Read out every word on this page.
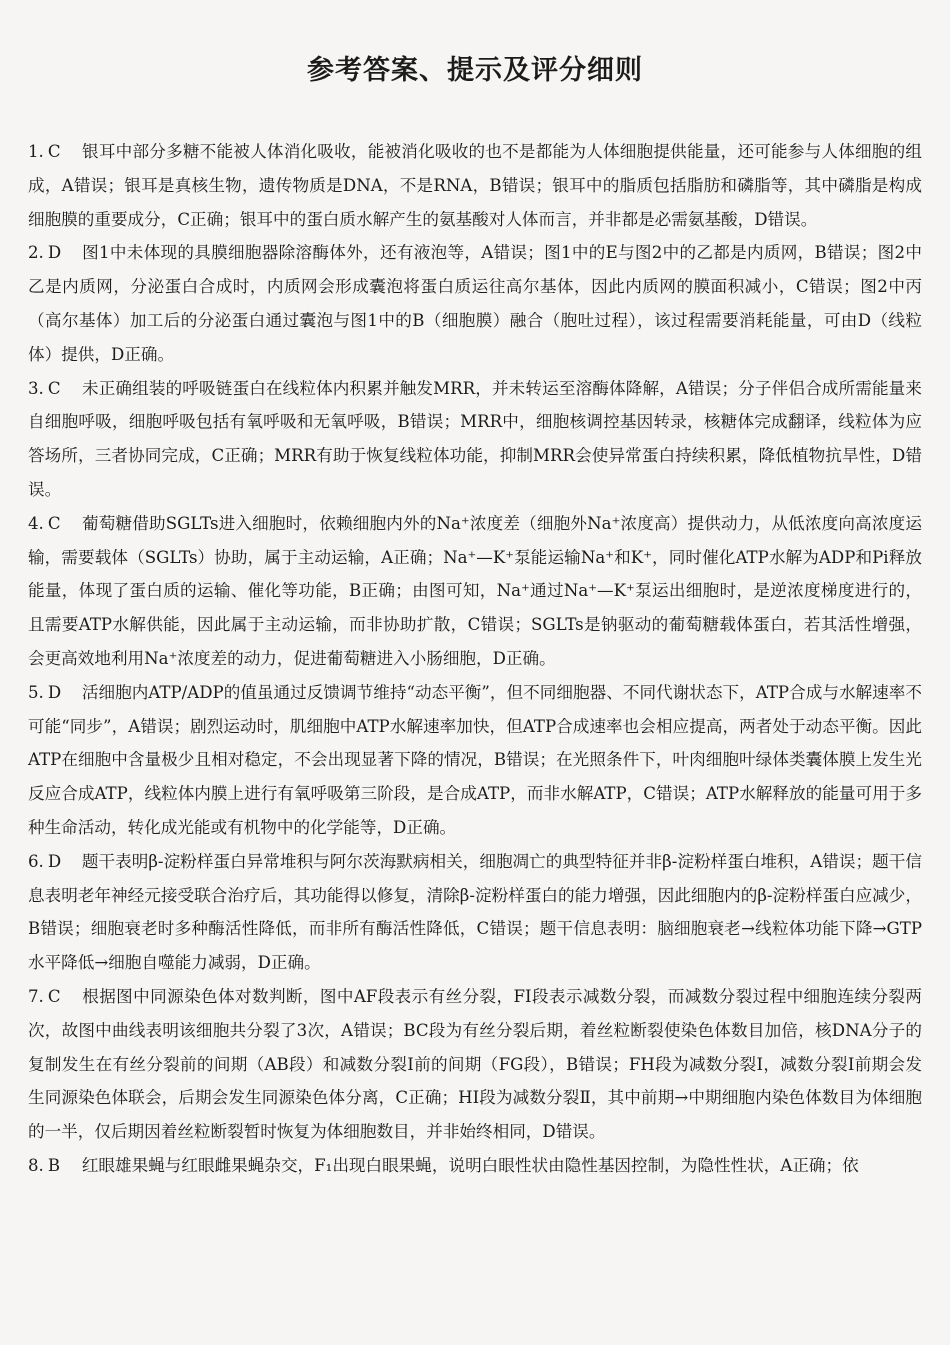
参考答案、提示及评分细则

1. C 银耳中部分多糖不能被人体消化吸收，能被消化吸收的也不是都能为人体细胞提供能量，还可能参与人体细胞的组成，A错误；银耳是真核生物，遗传物质是DNA，不是RNA，B错误；银耳中的脂质包括脂肪和磷脂等，其中磷脂是构成细胞膜的重要成分，C正确；银耳中的蛋白质水解产生的氨基酸对人体而言，并非都是必需氨基酸，D错误。

2. D 图1中未体现的具膜细胞器除溶酶体外，还有液泡等，A错误；图1中的E与图2中的乙都是内质网，B错误；图2中乙是内质网，分泌蛋白合成时，内质网会形成囊泡将蛋白质运往高尔基体，因此内质网的膜面积减小，C错误；图2中丙（高尔基体）加工后的分泌蛋白通过囊泡与图1中的B（细胞膜）融合（胞吐过程），该过程需要消耗能量，可由D（线粒体）提供，D正确。

3. C 未正确组装的呼吸链蛋白在线粒体内积累并触发MRR，并未转运至溶酶体降解，A错误；分子伴侣合成所需能量来自细胞呼吸，细胞呼吸包括有氧呼吸和无氧呼吸，B错误；MRR中，细胞核调控基因转录，核糖体完成翻译，线粒体为应答场所，三者协同完成，C正确；MRR有助于恢复线粒体功能，抑制MRR会使异常蛋白持续积累，降低植物抗旱性，D错误。

4. C 葡萄糖借助SGLTs进入细胞时，依赖细胞内外的Na⁺浓度差（细胞外Na⁺浓度高）提供动力，从低浓度向高浓度运输，需要载体（SGLTs）协助，属于主动运输，A正确；Na⁺—K⁺泵能运输Na⁺和K⁺，同时催化ATP水解为ADP和Pi释放能量，体现了蛋白质的运输、催化等功能，B正确；由图可知，Na⁺通过Na⁺—K⁺泵运出细胞时，是逆浓度梯度进行的，且需要ATP水解供能，因此属于主动运输，而非协助扩散，C错误；SGLTs是钠驱动的葡萄糖载体蛋白，若其活性增强，会更高效地利用Na⁺浓度差的动力，促进葡萄糖进入小肠细胞，D正确。

5. D 活细胞内ATP/ADP的值虽通过反馈调节维持“动态平衡”，但不同细胞器、不同代谢状态下，ATP合成与水解速率不可能“同步”，A错误；剧烈运动时，肌细胞中ATP水解速率加快，但ATP合成速率也会相应提高，两者处于动态平衡。因此ATP在细胞中含量极少且相对稳定，不会出现显著下降的情况，B错误；在光照条件下，叶肉细胞叶绿体类囊体膜上发生光反应合成ATP，线粒体内膜上进行有氧呼吸第三阶段，是合成ATP，而非水解ATP，C错误；ATP水解释放的能量可用于多种生命活动，转化成光能或有机物中的化学能等，D正确。

6. D 题干表明β-淀粉样蛋白异常堆积与阿尔茨海默病相关，细胞凋亡的典型特征并非β-淀粉样蛋白堆积，A错误；题干信息表明老年神经元接受联合治疗后，其功能得以修复，清除β-淀粉样蛋白的能力增强，因此细胞内的β-淀粉样蛋白应减少，B错误；细胞衰老时多种酶活性降低，而非所有酶活性降低，C错误；题干信息表明：脑细胞衰老→线粒体功能下降→GTP水平降低→细胞自噬能力减弱，D正确。

7. C 根据图中同源染色体对数判断，图中AF段表示有丝分裂，FI段表示减数分裂，而减数分裂过程中细胞连续分裂两次，故图中曲线表明该细胞共分裂了3次，A错误；BC段为有丝分裂后期，着丝粒断裂使染色体数目加倍，核DNA分子的复制发生在有丝分裂前的间期（AB段）和减数分裂Ⅰ前的间期（FG段），B错误；FH段为减数分裂Ⅰ，减数分裂Ⅰ前期会发生同源染色体联会，后期会发生同源染色体分离，C正确；HI段为减数分裂Ⅱ，其中前期→中期细胞内染色体数目为体细胞的一半，仅后期因着丝粒断裂暂时恢复为体细胞数目，并非始终相同，D错误。

8. B 红眼雄果蝇与红眼雌果蝇杂交，F₁出现白眼果蝇，说明白眼性状由隐性基因控制，为隐性性状，A正确；依
